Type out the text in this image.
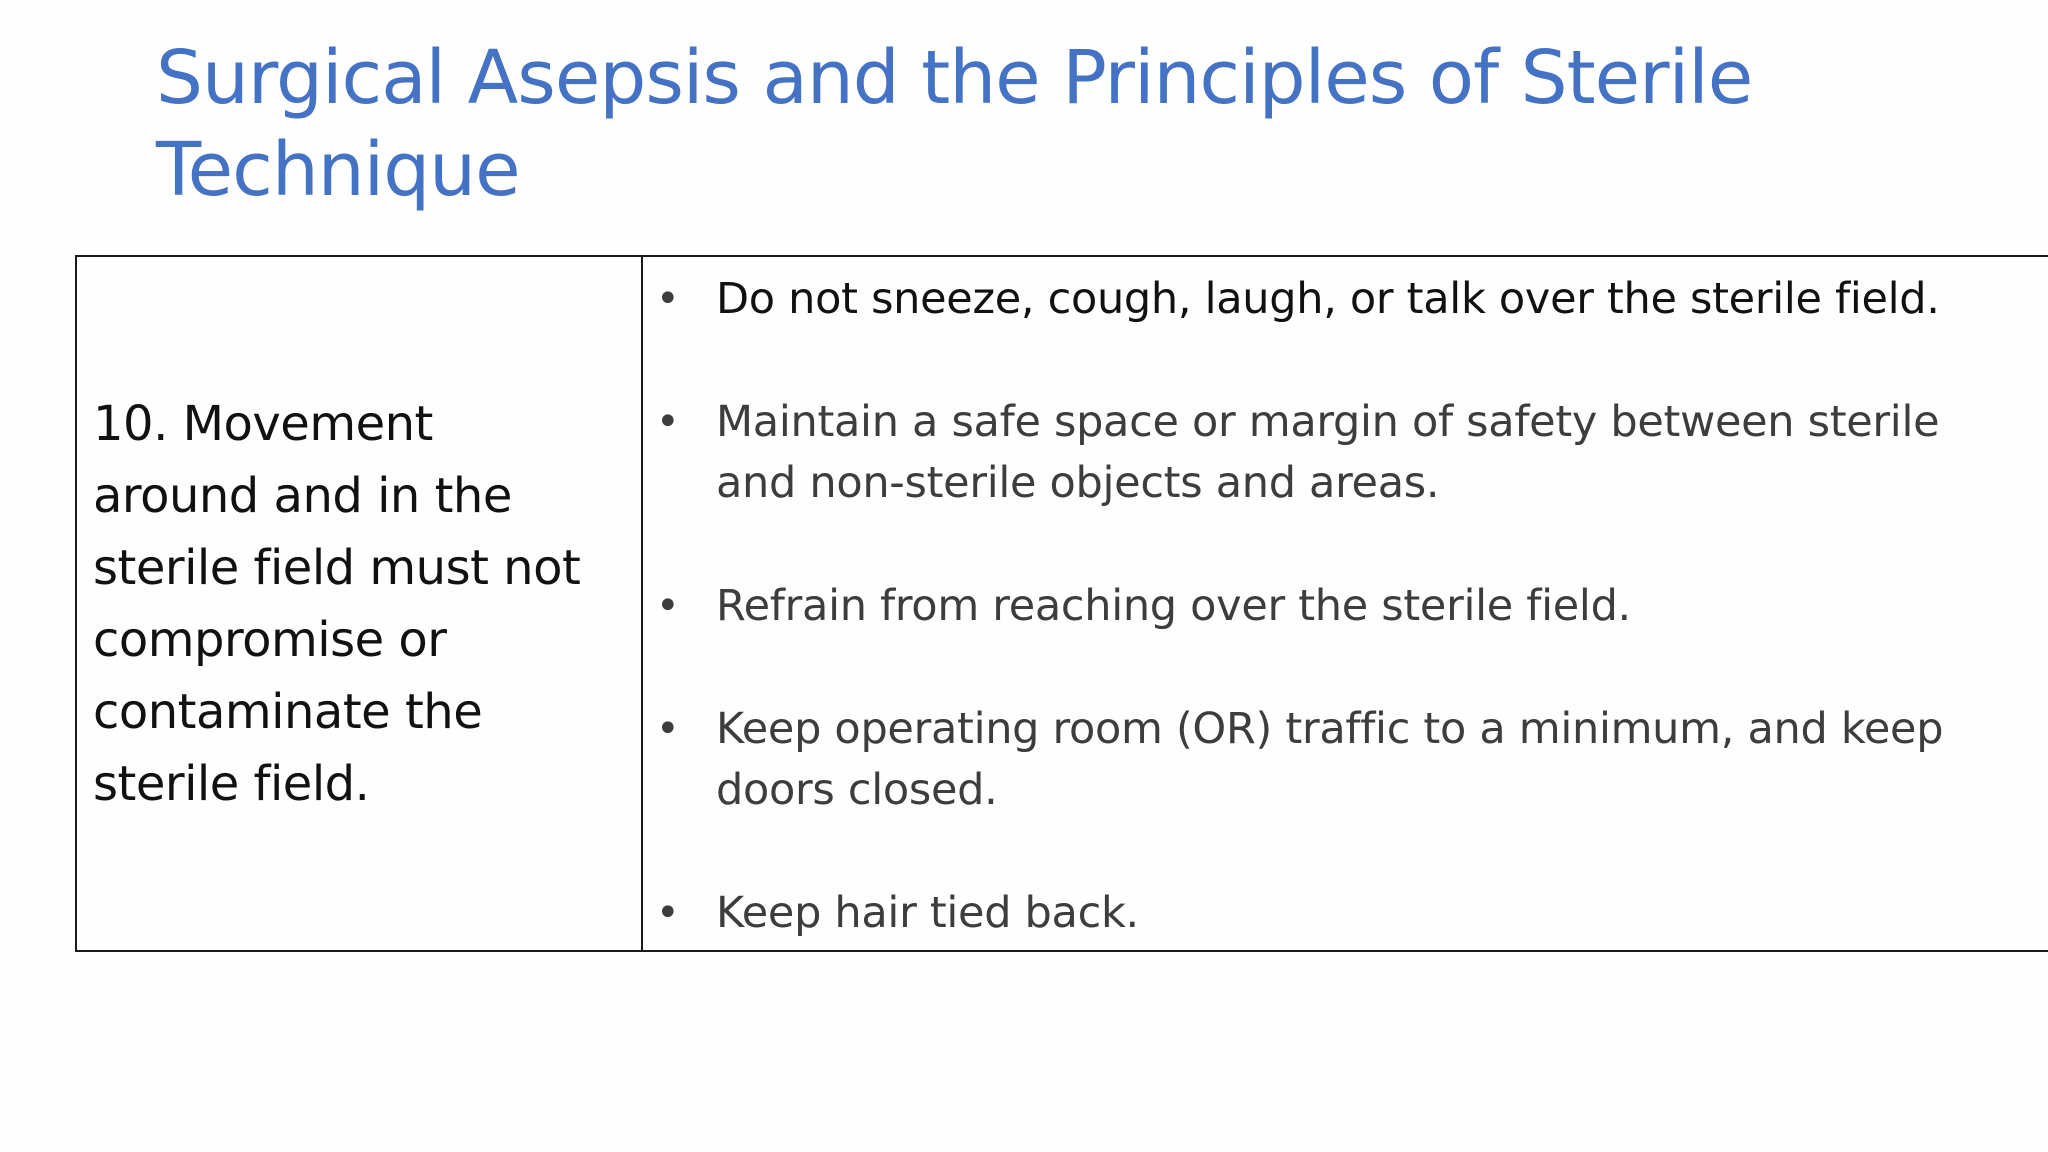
Surgical Asepsis and the Principles of Sterile
Technique
10. Movement
around and in the
sterile field must not
compromise or
contaminate the
sterile field.

• Do not sneeze, cough, laugh, or talk over the sterile field.
• Maintain a safe space or margin of safety between sterile and non-sterile objects and areas.
• Refrain from reaching over the sterile field.
• Keep operating room (OR) traffic to a minimum, and keep doors closed.
• Keep hair tied back.
